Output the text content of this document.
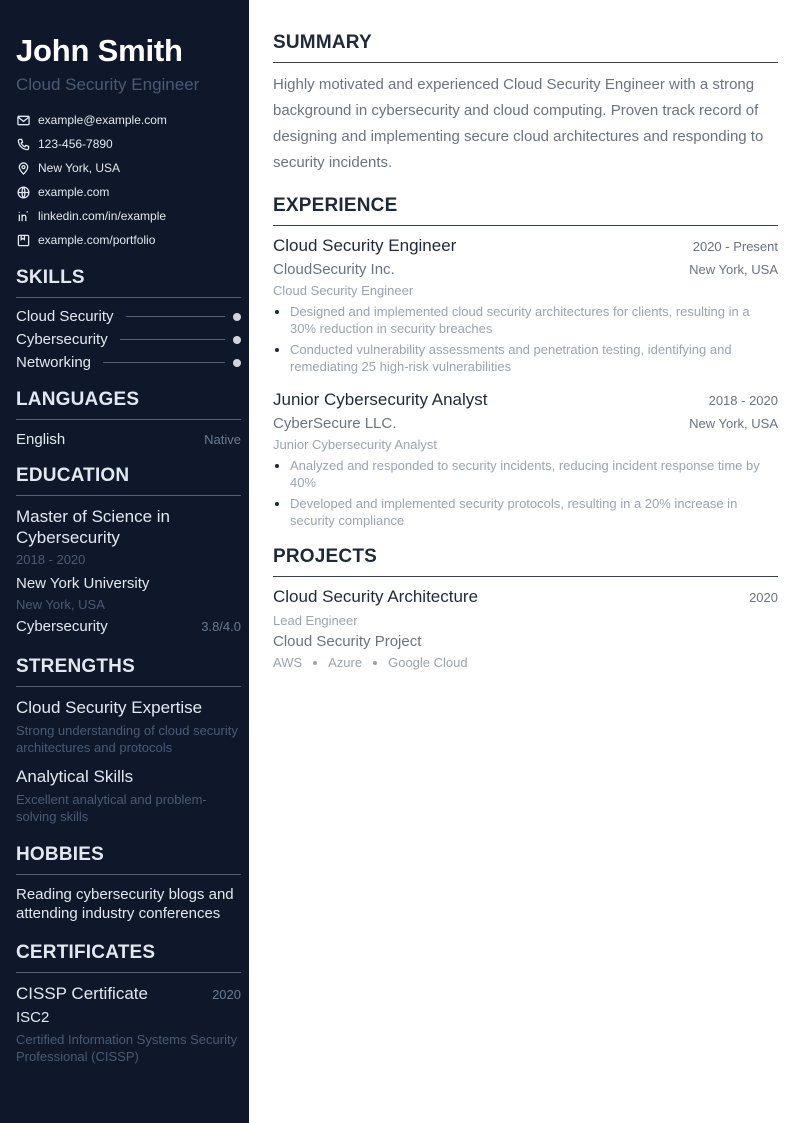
John Smith
Cloud Security Engineer
example@example.com
123-456-7890
New York, USA
example.com
linkedin.com/in/example
example.com/portfolio
SKILLS
Cloud Security
Cybersecurity
Networking
LANGUAGES
English	Native
EDUCATION
Master of Science in Cybersecurity
2018 - 2020
New York University
New York, USA
Cybersecurity	3.8/4.0
STRENGTHS
Cloud Security Expertise
Strong understanding of cloud security architectures and protocols
Analytical Skills
Excellent analytical and problem-solving skills
HOBBIES
Reading cybersecurity blogs and attending industry conferences
CERTIFICATES
CISSP Certificate	2020
ISC2
Certified Information Systems Security Professional (CISSP)
SUMMARY

Highly motivated and experienced Cloud Security Engineer with a strong background in cybersecurity and cloud computing. Proven track record of designing and implementing secure cloud architectures and responding to security incidents.

EXPERIENCE
Cloud Security Engineer	2020 - Present
CloudSecurity Inc.	New York, USA
Cloud Security Engineer
Designed and implemented cloud security architectures for clients, resulting in a 30% reduction in security breaches
Conducted vulnerability assessments and penetration testing, identifying and remediating 25 high-risk vulnerabilities
Junior Cybersecurity Analyst	2018 - 2020
CyberSecure LLC.	New York, USA
Junior Cybersecurity Analyst
Analyzed and responded to security incidents, reducing incident response time by 40%
Developed and implemented security protocols, resulting in a 20% increase in security compliance
PROJECTS
Cloud Security Architecture	2020
Lead Engineer
Cloud Security Project
AWS Azure Google Cloud
